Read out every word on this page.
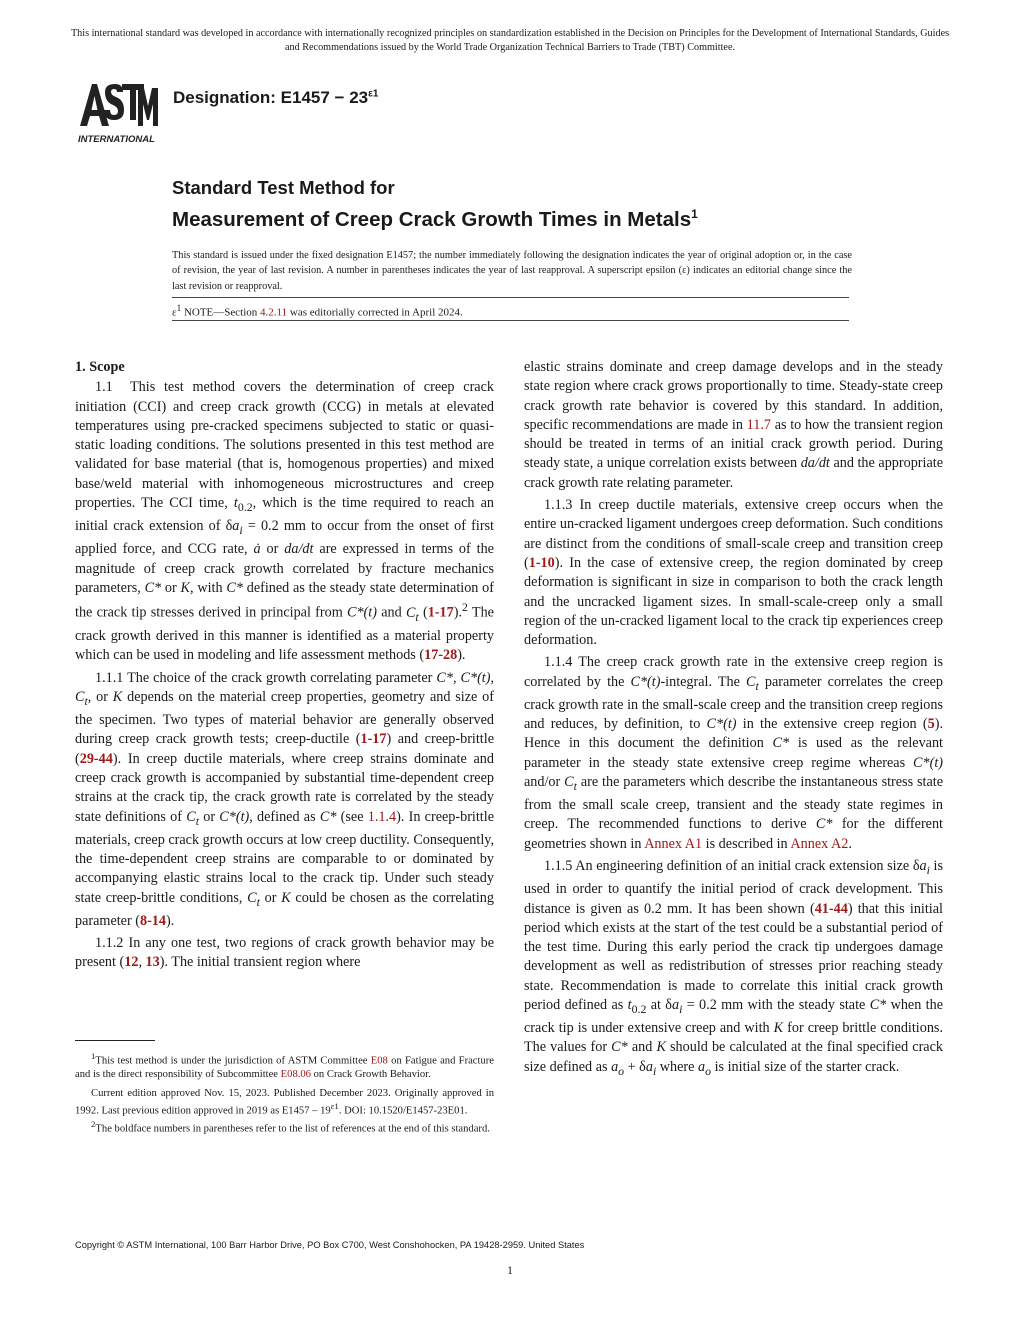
This international standard was developed in accordance with internationally recognized principles on standardization established in the Decision on Principles for the Development of International Standards, Guides and Recommendations issued by the World Trade Organization Technical Barriers to Trade (TBT) Committee.
INTERNATIONAL
Designation: $E1457 - 23^{\varepsilon 1}$
Standard Test Method for
Measurement of Creep Crack Growth Times in Metals$^1$
This standard is issued under the fixed designation E1457; the number immediately following the designation indicates the year of original adoption or, in the case of revision, the year of last revision. A number in parentheses indicates the year of last reapproval. A superscript epsilon (ε) indicates an editorial change since the last revision or reapproval.
$\varepsilon^1$ NOTE—Section 4.2.11 was editorially corrected in April 2024.
1. Scope

1.1  This test method covers the determination of creep crack initiation (CCI) and creep crack growth (CCG) in metals at elevated temperatures using pre-cracked specimens subjected to static or quasi-static loading conditions. The solutions presented in this test method are validated for base material (that is, homogenous properties) and mixed base/weld material with inhomogeneous microstructures and creep properties. The CCI time, $t_{0.2}$, which is the time required to reach an initial crack extension of $\delta a_i = 0.2$ mm to occur from the onset of first applied force, and CCG rate, ȧ or da/dt are expressed in terms of the magnitude of creep crack growth correlated by fracture mechanics parameters, C* or K, with C* defined as the steady state determination of the crack tip stresses derived in principal from C*(t) and $C_t$ (1-17).$^2$ The crack growth derived in this manner is identified as a material property which can be used in modeling and life assessment methods (17-28).

1.1.1 The choice of the crack growth correlating parameter C*, C*(t), $C_t$, or K depends on the material creep properties, geometry and size of the specimen. Two types of material behavior are generally observed during creep crack growth tests; creep-ductile (1-17) and creep-brittle (29-44). In creep ductile materials, where creep strains dominate and creep crack growth is accompanied by substantial time-dependent creep strains at the crack tip, the crack growth rate is correlated by the steady state definitions of $C_t$ or C*(t), defined as C* (see 1.1.4). In creep-brittle materials, creep crack growth occurs at low creep ductility. Consequently, the time-dependent creep strains are comparable to or dominated by accompanying elastic strains local to the crack tip. Under such steady state creep-brittle conditions, $C_t$ or K could be chosen as the correlating parameter (8-14).

1.1.2 In any one test, two regions of crack growth behavior may be present (12, 13). The initial transient region where

$^1$This test method is under the jurisdiction of ASTM Committee E08 on Fatigue and Fracture and is the direct responsibility of Subcommittee E08.06 on Crack Growth Behavior.

Current edition approved Nov. 15, 2023. Published December 2023. Originally approved in 1992. Last previous edition approved in 2019 as $E1457 - 19^{\varepsilon 1}$. DOI: 10.1520/E1457-23E01.

$^2$The boldface numbers in parentheses refer to the list of references at the end of this standard.

elastic strains dominate and creep damage develops and in the steady state region where crack grows proportionally to time. Steady-state creep crack growth rate behavior is covered by this standard. In addition, specific recommendations are made in 11.7 as to how the transient region should be treated in terms of an initial crack growth period. During steady state, a unique correlation exists between da/dt and the appropriate crack growth rate relating parameter.

1.1.3 In creep ductile materials, extensive creep occurs when the entire un-cracked ligament undergoes creep deformation. Such conditions are distinct from the conditions of small-scale creep and transition creep (1-10). In the case of extensive creep, the region dominated by creep deformation is significant in size in comparison to both the crack length and the uncracked ligament sizes. In small-scale-creep only a small region of the un-cracked ligament local to the crack tip experiences creep deformation.

1.1.4 The creep crack growth rate in the extensive creep region is correlated by the C*(t)-integral. The $C_t$ parameter correlates the creep crack growth rate in the small-scale creep and the transition creep regions and reduces, by definition, to C*(t) in the extensive creep region (5). Hence in this document the definition C* is used as the relevant parameter in the steady state extensive creep regime whereas C*(t) and/or $C_t$ are the parameters which describe the instantaneous stress state from the small scale creep, transient and the steady state regimes in creep. The recommended functions to derive C* for the different geometries shown in Annex A1 is described in Annex A2.

1.1.5 An engineering definition of an initial crack extension size $\delta a_i$ is used in order to quantify the initial period of crack development. This distance is given as 0.2 mm. It has been shown (41-44) that this initial period which exists at the start of the test could be a substantial period of the test time. During this early period the crack tip undergoes damage development as well as redistribution of stresses prior reaching steady state. Recommendation is made to correlate this initial crack growth period defined as $t_{0.2}$ at $\delta a_i = 0.2$ mm with the steady state C* when the crack tip is under extensive creep and with K for creep brittle conditions. The values for C* and K should be calculated at the final specified crack size defined as $a_o + \delta a_i$ where $a_o$ is initial size of the starter crack.

Copyright © ASTM International, 100 Barr Harbor Drive, PO Box C700, West Conshohocken, PA 19428-2959. United States
1
